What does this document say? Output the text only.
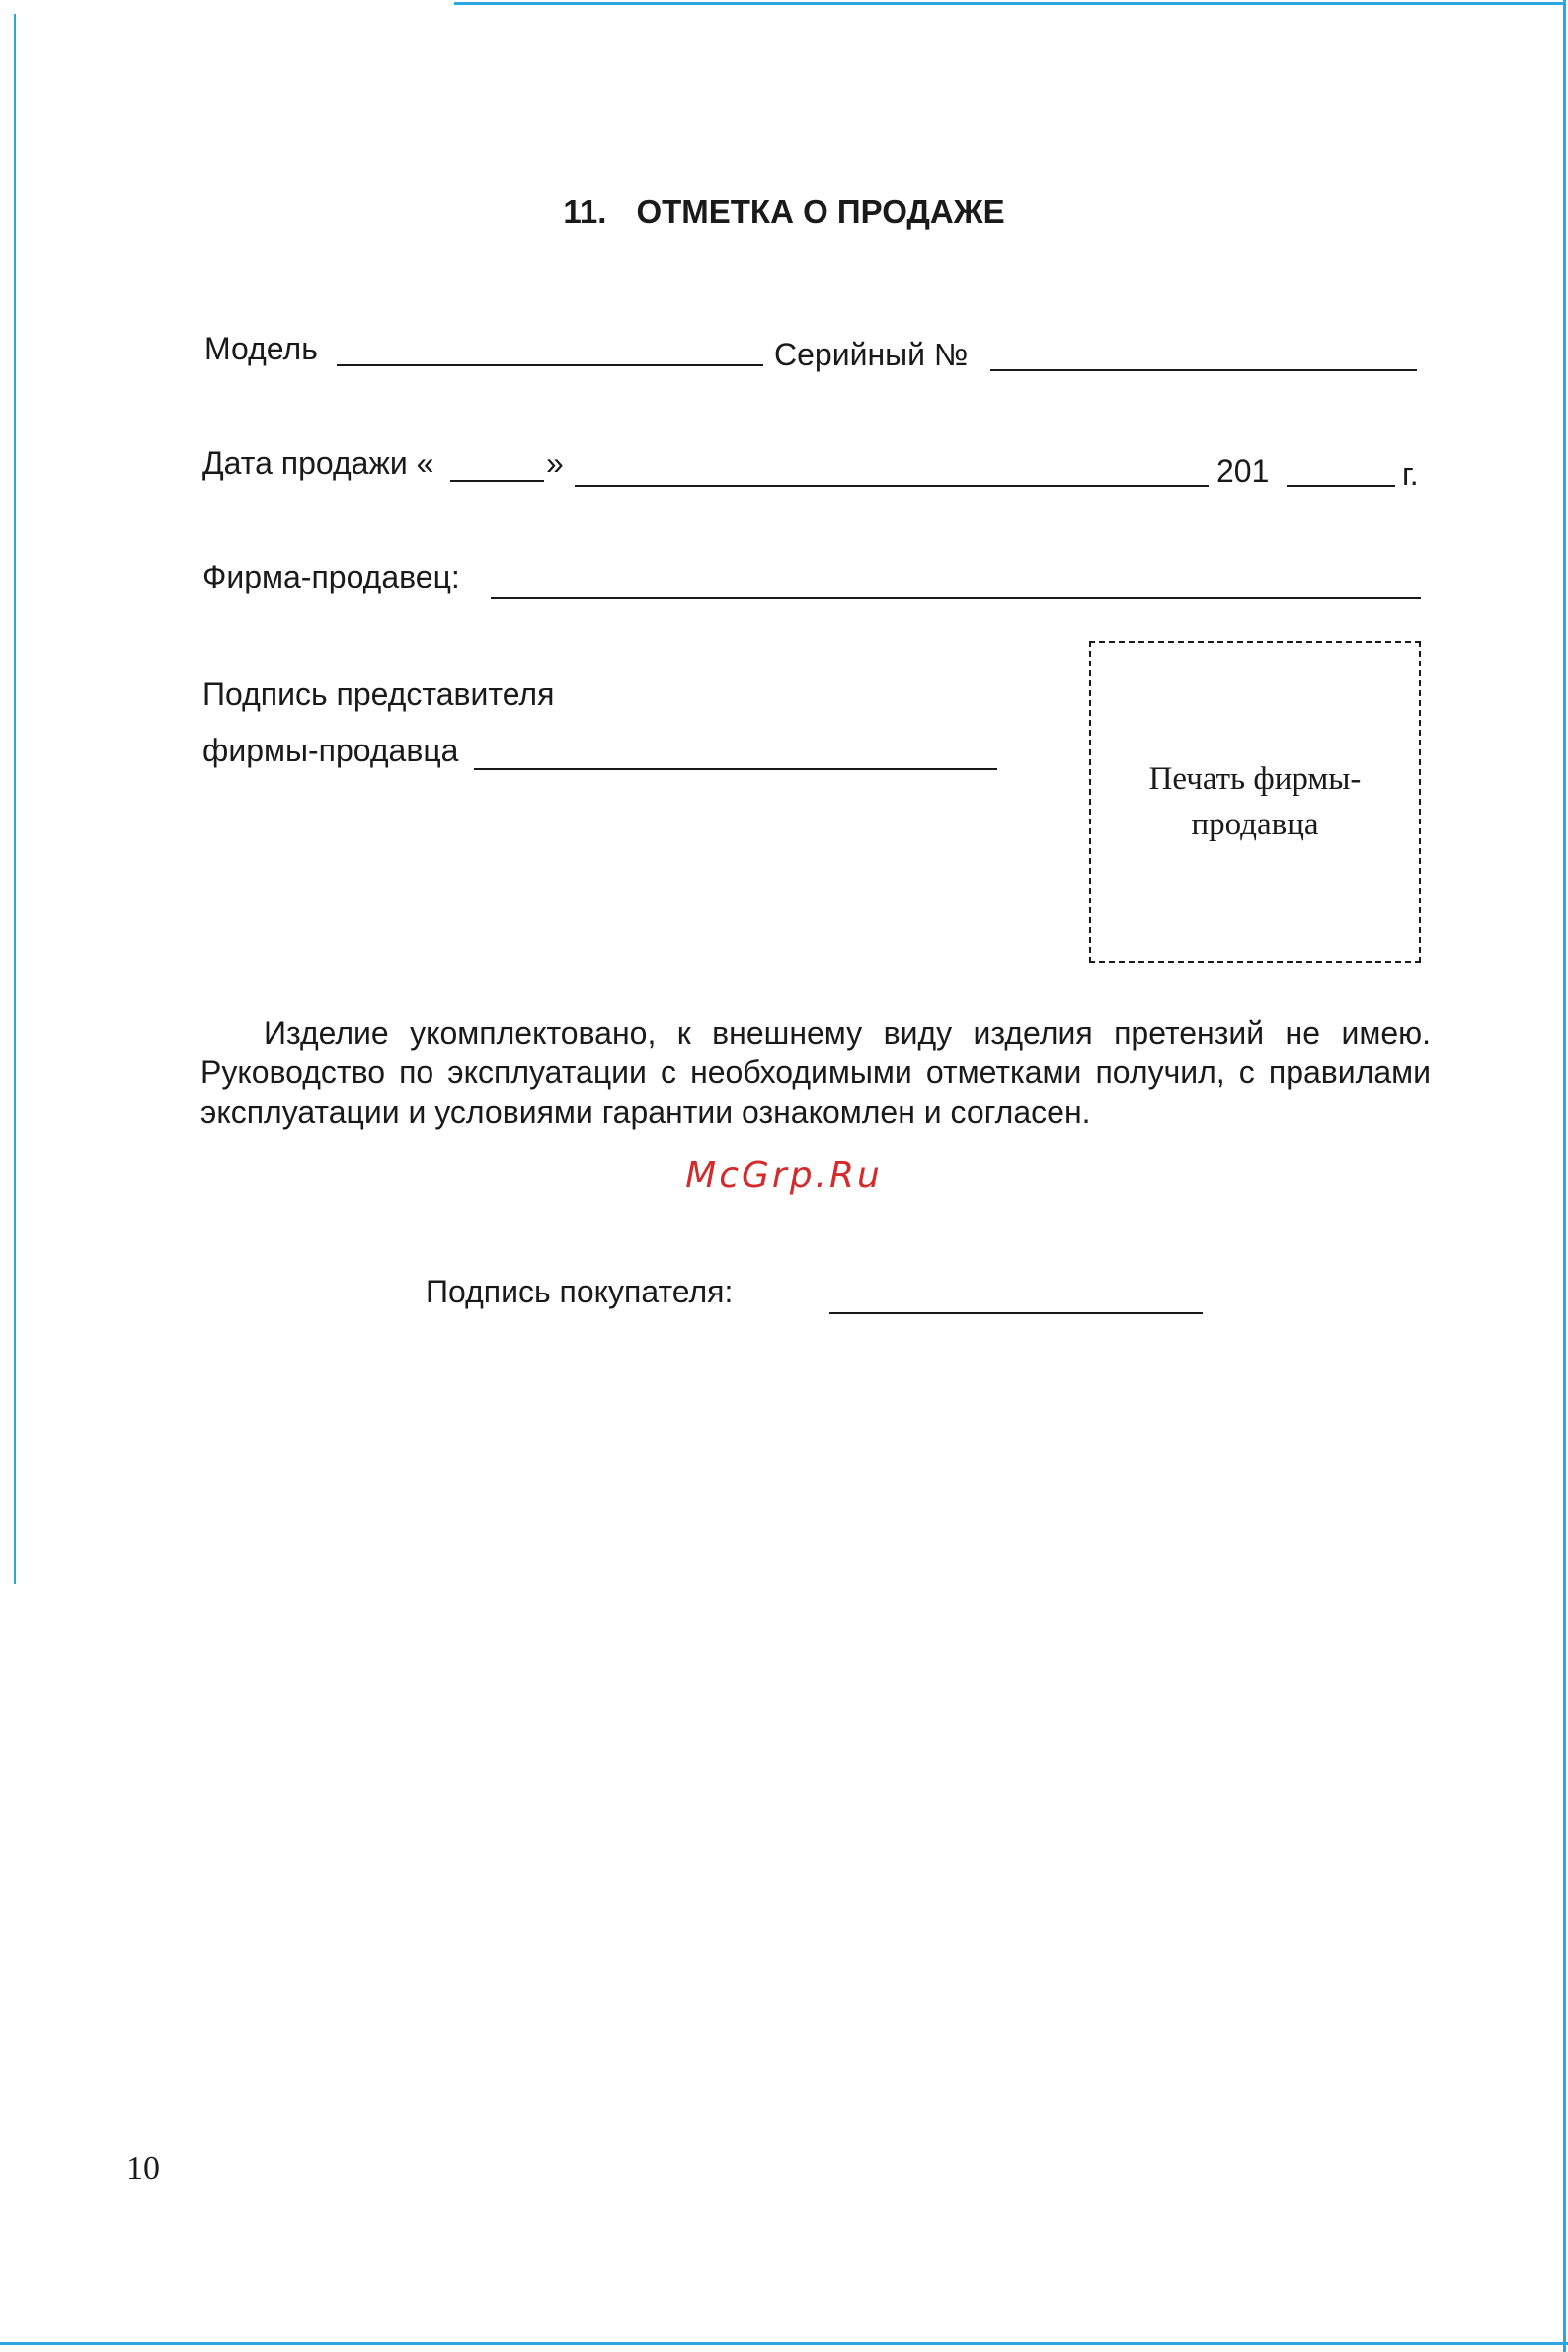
11. ОТМЕТКА О ПРОДАЖЕ
Модель	Серийный №
Дата продажи «	»	201	г.
Фирма-продавец:
Подпись представителя
фирмы-продавца
Печать фирмы-
продавца
Изделие укомплектовано, к внешнему виду изделия претензий не имею. Руководство по эксплуатации с необходимыми отметками получил, с правилами эксплуатации и условиями гарантии ознакомлен и согласен.
McGrp.Ru
Подпись покупателя:
10
